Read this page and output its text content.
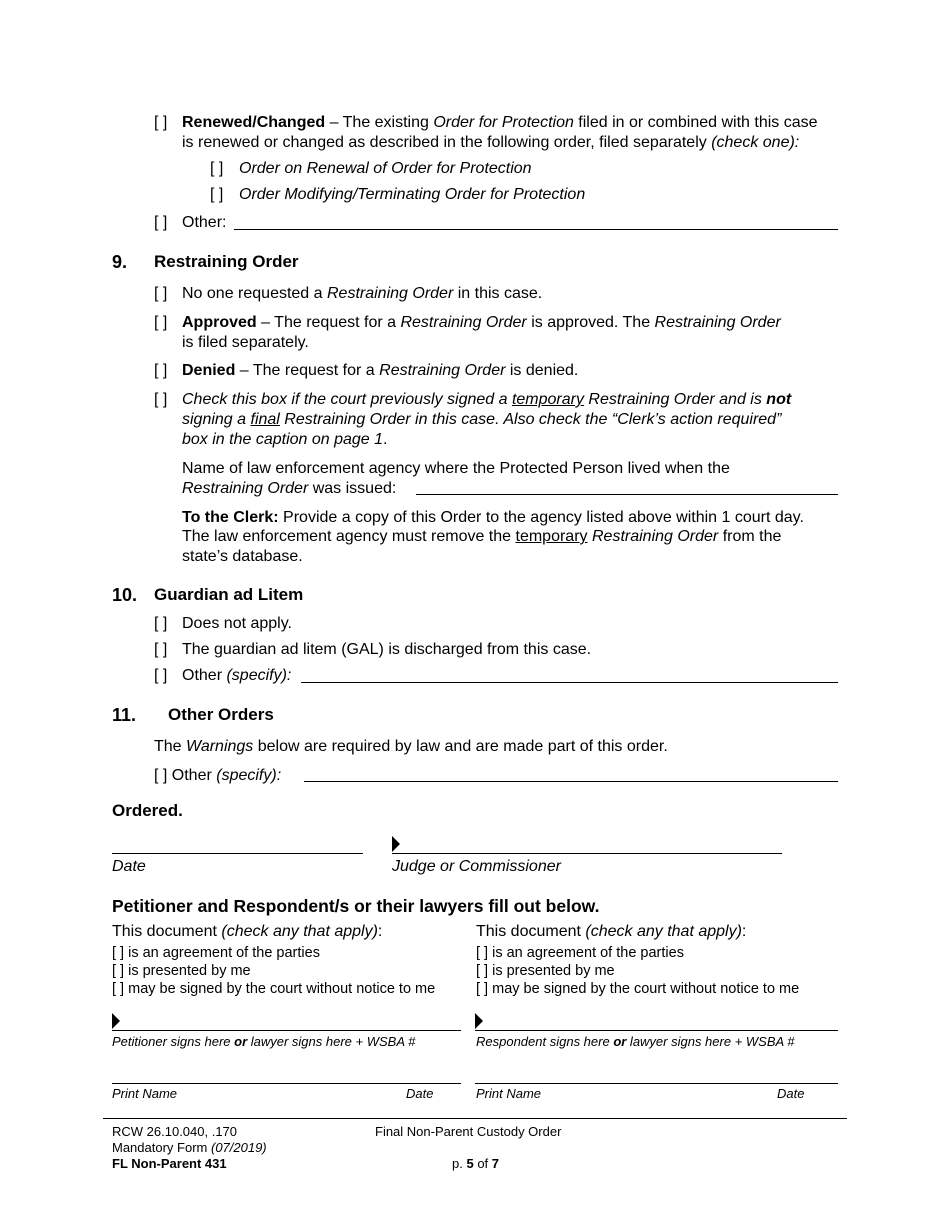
[ ] Renewed/Changed – The existing Order for Protection filed in or combined with this case
is renewed or changed as described in the following order, filed separately (check one):
[ ] Order on Renewal of Order for Protection
[ ] Order Modifying/Terminating Order for Protection
[ ] Other:
9. Restraining Order
[ ] No one requested a Restraining Order in this case.
[ ] Approved – The request for a Restraining Order is approved. The Restraining Order
is filed separately.
[ ] Denied – The request for a Restraining Order is denied.
[ ] Check this box if the court previously signed a temporary Restraining Order and is not
signing a final Restraining Order in this case. Also check the “Clerk’s action required”
box in the caption on page 1.
Name of law enforcement agency where the Protected Person lived when the
Restraining Order was issued:
To the Clerk: Provide a copy of this Order to the agency listed above within 1 court day.
The law enforcement agency must remove the temporary Restraining Order from the
state’s database.
10. Guardian ad Litem
[ ] Does not apply.
[ ] The guardian ad litem (GAL) is discharged from this case.
[ ] Other (specify):
11. Other Orders
The Warnings below are required by law and are made part of this order.
[ ] Other (specify):
Ordered.
Date	Judge or Commissioner
Petitioner and Respondent/s or their lawyers fill out below.
This document (check any that apply):
[ ] is an agreement of the parties
[ ] is presented by me
[ ] may be signed by the court without notice to me
This document (check any that apply):
[ ] is an agreement of the parties
[ ] is presented by me
[ ] may be signed by the court without notice to me
Petitioner signs here or lawyer signs here + WSBA #	Respondent signs here or lawyer signs here + WSBA #
Print Name	Date	Print Name	Date
RCW 26.10.040, .170
Mandatory Form (07/2019)
FL Non-Parent 431
Final Non-Parent Custody Order
p. 5 of 7
